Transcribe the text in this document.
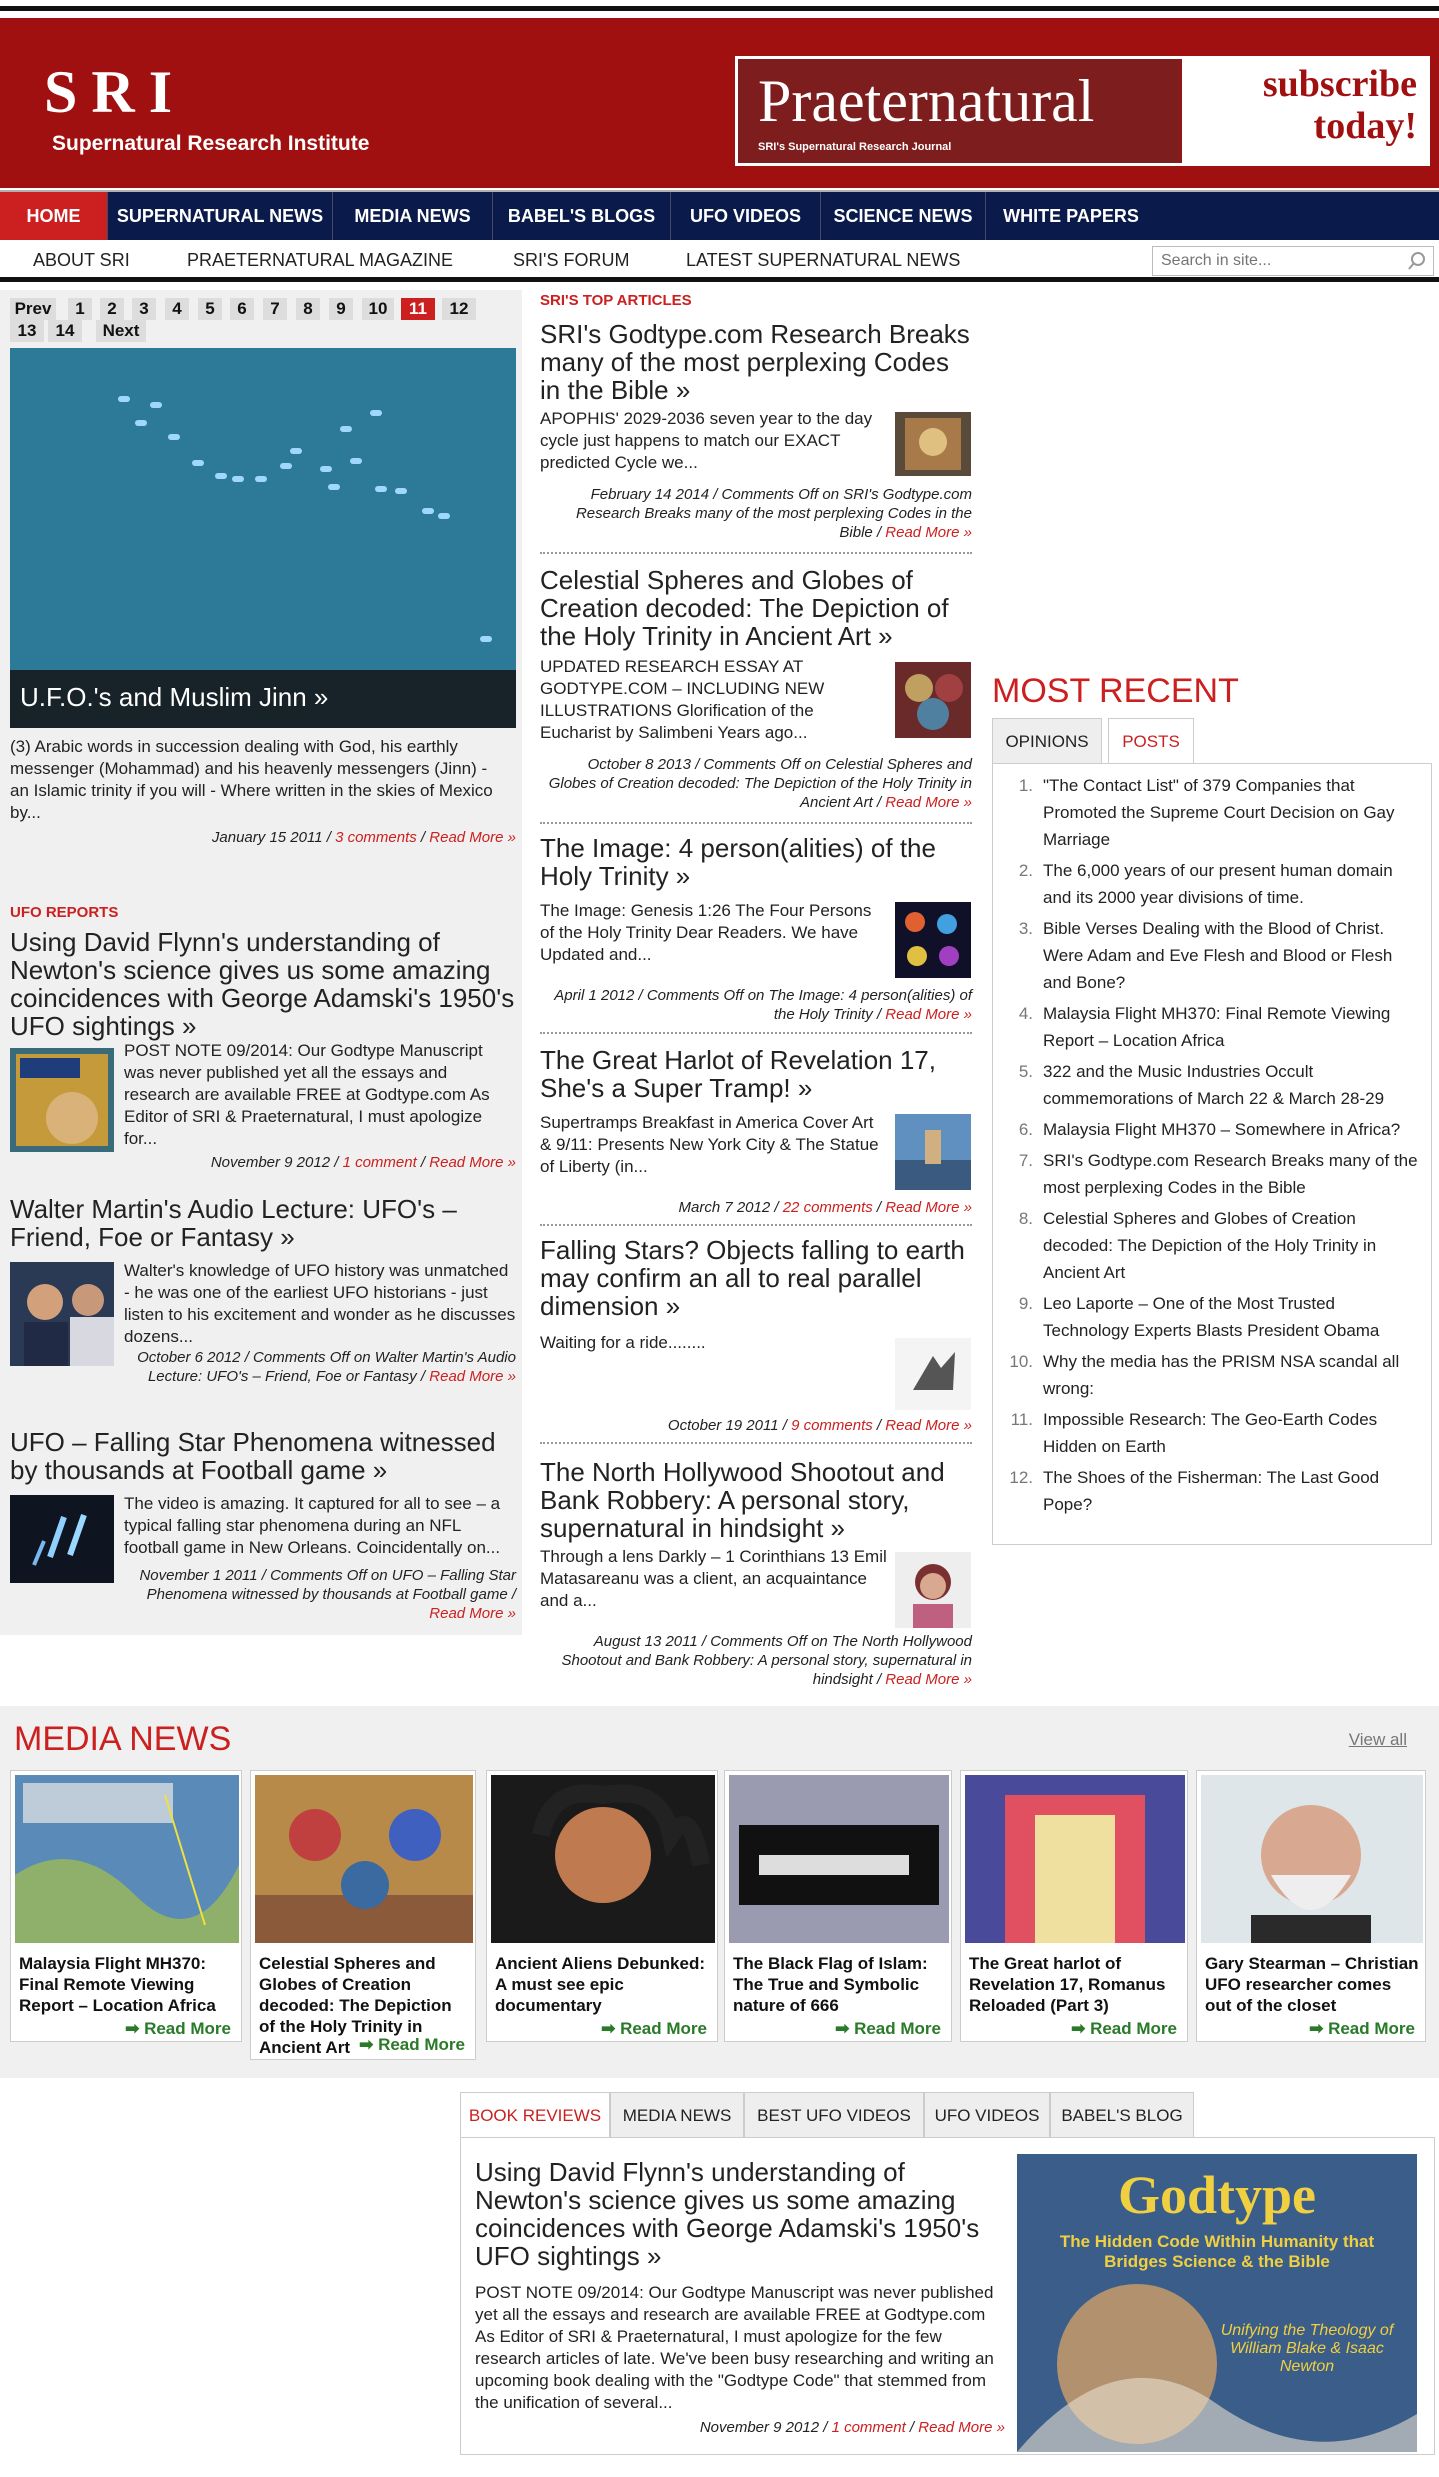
SRI
Supernatural Research Institute
Praeternatural
SRI's Supernatural Research Journal
subscribe
today!
HOME	SUPERNATURAL NEWS	MEDIA NEWS	BABEL'S BLOGS	UFO VIDEOS	SCIENCE NEWS	WHITE PAPERS
ABOUT SRI	PRAETERNATURAL MAGAZINE	SRI'S FORUM	LATEST SUPERNATURAL NEWS
Search in site...
Prev	1	2	3	4	5	6	7	8	9	10	11	12
13	14	Next
U.F.O.'s and Muslim Jinn »
(3) Arabic words in succession dealing with God, his earthly messenger (Mohammad) and his heavenly messengers (Jinn) - an Islamic trinity if you will - Where written in the skies of Mexico by...
January 15 2011 / 3 comments / Read More »
UFO REPORTS
Using David Flynn's understanding of Newton's science gives us some amazing coincidences with George Adamski's 1950's UFO sightings »
POST NOTE 09/2014: Our Godtype Manuscript was never published yet all the essays and research are available FREE at Godtype.com As Editor of SRI & Praeternatural, I must apologize for...
November 9 2012 / 1 comment / Read More »
Walter Martin's Audio Lecture: UFO's – Friend, Foe or Fantasy »
Walter's knowledge of UFO history was unmatched - he was one of the earliest UFO historians - just listen to his excitement and wonder as he discusses dozens...
October 6 2012 / Comments Off on Walter Martin's Audio Lecture: UFO's – Friend, Foe or Fantasy / Read More »
UFO – Falling Star Phenomena witnessed by thousands at Football game »
The video is amazing. It captured for all to see – a typical falling star phenomena during an NFL football game in New Orleans. Coincidentally on...
November 1 2011 / Comments Off on UFO – Falling Star Phenomena witnessed by thousands at Football game / Read More »
SRI'S TOP ARTICLES
SRI's Godtype.com Research Breaks many of the most perplexing Codes in the Bible »
APOPHIS' 2029-2036 seven year to the day cycle just happens to match our EXACT predicted Cycle we...
February 14 2014 / Comments Off on SRI's Godtype.com Research Breaks many of the most perplexing Codes in the Bible / Read More »
Celestial Spheres and Globes of Creation decoded: The Depiction of the Holy Trinity in Ancient Art »
UPDATED RESEARCH ESSAY AT GODTYPE.COM – INCLUDING NEW ILLUSTRATIONS Glorification of the Eucharist by Salimbeni Years ago...
October 8 2013 / Comments Off on Celestial Spheres and Globes of Creation decoded: The Depiction of the Holy Trinity in Ancient Art / Read More »
The Image: 4 person(alities) of the Holy Trinity »
The Image: Genesis 1:26 The Four Persons of the Holy Trinity Dear Readers. We have Updated and...
April 1 2012 / Comments Off on The Image: 4 person(alities) of the Holy Trinity / Read More »
The Great Harlot of Revelation 17, She's a Super Tramp! »
Supertramps Breakfast in America Cover Art & 9/11: Presents New York City & The Statue of Liberty (in...
March 7 2012 / 22 comments / Read More »
Falling Stars? Objects falling to earth may confirm an all to real parallel dimension »
Waiting for a ride........
October 19 2011 / 9 comments / Read More »
The North Hollywood Shootout and Bank Robbery: A personal story, supernatural in hindsight »
Through a lens Darkly – 1 Corinthians 13 Emil Matasareanu was a client, an acquaintance and a...
August 13 2011 / Comments Off on The North Hollywood Shootout and Bank Robbery: A personal story, supernatural in hindsight / Read More »
MOST RECENT
OPINIONS	POSTS
1. "The Contact List" of 379 Companies that Promoted the Supreme Court Decision on Gay Marriage
2. The 6,000 years of our present human domain and its 2000 year divisions of time.
3. Bible Verses Dealing with the Blood of Christ. Were Adam and Eve Flesh and Blood or Flesh and Bone?
4. Malaysia Flight MH370: Final Remote Viewing Report – Location Africa
5. 322 and the Music Industries Occult commemorations of March 22 & March 28-29
6. Malaysia Flight MH370 – Somewhere in Africa?
7. SRI's Godtype.com Research Breaks many of the most perplexing Codes in the Bible
8. Celestial Spheres and Globes of Creation decoded: The Depiction of the Holy Trinity in Ancient Art
9. Leo Laporte – One of the Most Trusted Technology Experts Blasts President Obama
10. Why the media has the PRISM NSA scandal all wrong:
11. Impossible Research: The Geo-Earth Codes Hidden on Earth
12. The Shoes of the Fisherman: The Last Good Pope?
MEDIA NEWS	View all
Malaysia Flight MH370: Final Remote Viewing Report – Location Africa
➡ Read More
Celestial Spheres and Globes of Creation decoded: The Depiction of the Holy Trinity in Ancient Art ➡ Read More
Ancient Aliens Debunked: A must see epic documentary
➡ Read More
The Black Flag of Islam: The True and Symbolic nature of 666
➡ Read More
The Great harlot of Revelation 17, Romanus Reloaded (Part 3)
➡ Read More
Gary Stearman – Christian UFO researcher comes out of the closet
➡ Read More
BOOK REVIEWS	MEDIA NEWS	BEST UFO VIDEOS	UFO VIDEOS	BABEL'S BLOG
Using David Flynn's understanding of Newton's science gives us some amazing coincidences with George Adamski's 1950's UFO sightings »
POST NOTE 09/2014: Our Godtype Manuscript was never published yet all the essays and research are available FREE at Godtype.com As Editor of SRI & Praeternatural, I must apologize for the few research articles of late. We've been busy researching and writing an upcoming book dealing with the "Godtype Code" that stemmed from the unification of several...
November 9 2012 / 1 comment / Read More »
Godtype
The Hidden Code Within Humanity that Bridges Science & the Bible
Unifying the Theology of William Blake & Isaac Newton
